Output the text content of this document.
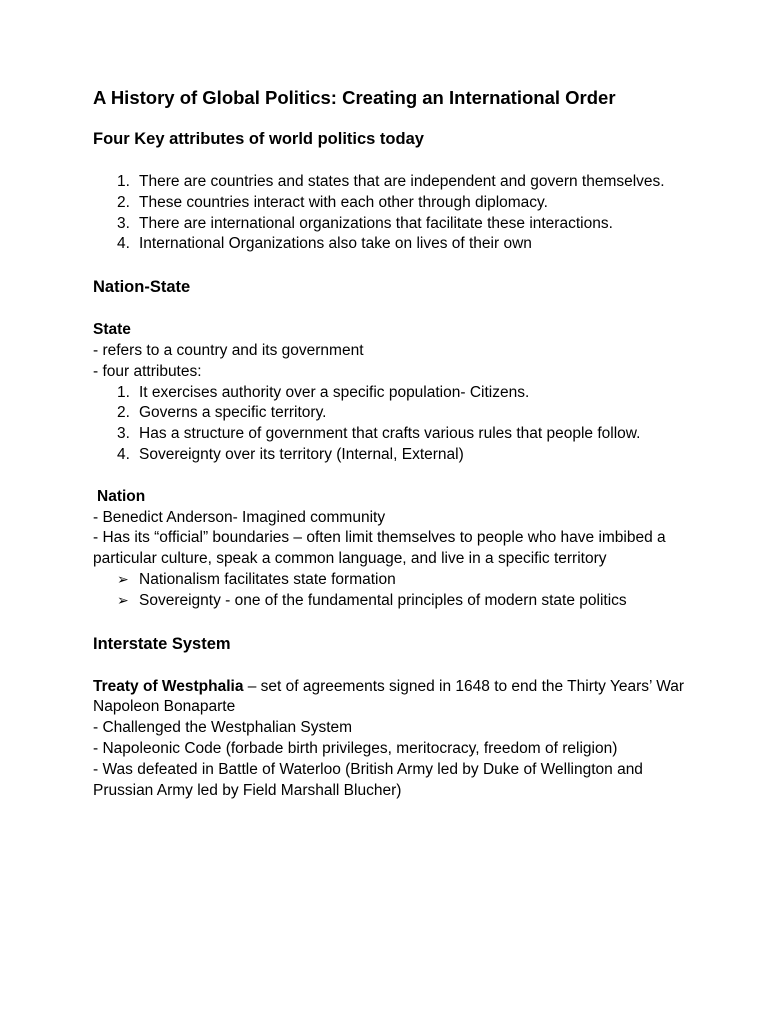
A History of Global Politics: Creating an International Order
Four Key attributes of world politics today
1. There are countries and states that are independent and govern themselves.
2. These countries interact with each other through diplomacy.
3. There are international organizations that facilitate these interactions.
4. International Organizations also take on lives of their own
Nation-State

State

- refers to a country and its government

- four attributes:

1. It exercises authority over a specific population- Citizens.
2. Governs a specific territory.
3. Has a structure of government that crafts various rules that people follow.
4. Sovereignty over its territory (Internal, External)

Nation

- Benedict Anderson- Imagined community

- Has its “official” boundaries – often limit themselves to people who have imbibed a particular culture, speak a common language, and live in a specific territory

➢ Nationalism facilitates state formation
➢ Sovereignty - one of the fundamental principles of modern state politics
Interstate System

Treaty of Westphalia – set of agreements signed in 1648 to end the Thirty Years’ War Napoleon Bonaparte

- Challenged the Westphalian System

- Napoleonic Code (forbade birth privileges, meritocracy, freedom of religion)

- Was defeated in Battle of Waterloo (British Army led by Duke of Wellington and Prussian Army led by Field Marshall Blucher)
